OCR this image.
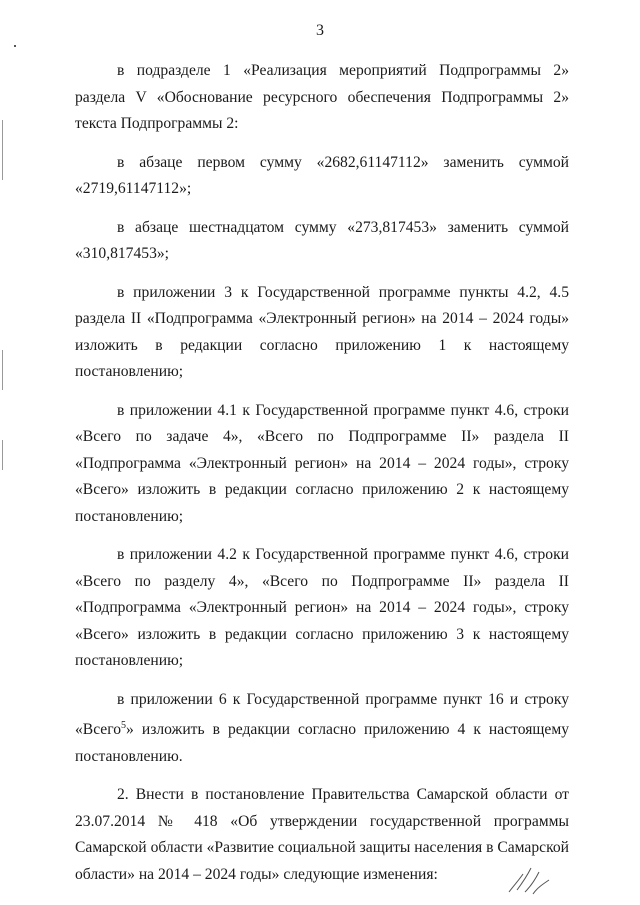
3

в подразделе 1 «Реализация мероприятий Подпрограммы 2» раздела V «Обоснование ресурсного обеспечения Подпрограммы 2» текста Подпрограммы 2:

в абзаце первом сумму «2682,61147112» заменить суммой «2719,61147112»;

в абзаце шестнадцатом сумму «273,817453» заменить суммой «310,817453»;

в приложении 3 к Государственной программе пункты 4.2, 4.5 раздела II «Подпрограмма «Электронный регион» на 2014 – 2024 годы» изложить в редакции согласно приложению 1 к настоящему постановлению;

в приложении 4.1 к Государственной программе пункт 4.6, строки «Всего по задаче 4», «Всего по Подпрограмме II» раздела II «Подпрограмма «Электронный регион» на 2014 – 2024 годы», строку «Всего» изложить в редакции согласно приложению 2 к настоящему постановлению;

в приложении 4.2 к Государственной программе пункт 4.6, строки «Всего по разделу 4», «Всего по Подпрограмме II» раздела II «Подпрограмма «Электронный регион» на 2014 – 2024 годы», строку «Всего» изложить в редакции согласно приложению 3 к настоящему постановлению;

в приложении 6 к Государственной программе пункт 16 и строку «Всего$^5$» изложить в редакции согласно приложению 4 к настоящему постановлению.

2. Внести в постановление Правительства Самарской области от 23.07.2014 № 418 «Об утверждении государственной программы Самарской области «Развитие социальной защиты населения в Самарской области» на 2014 – 2024 годы» следующие изменения:
